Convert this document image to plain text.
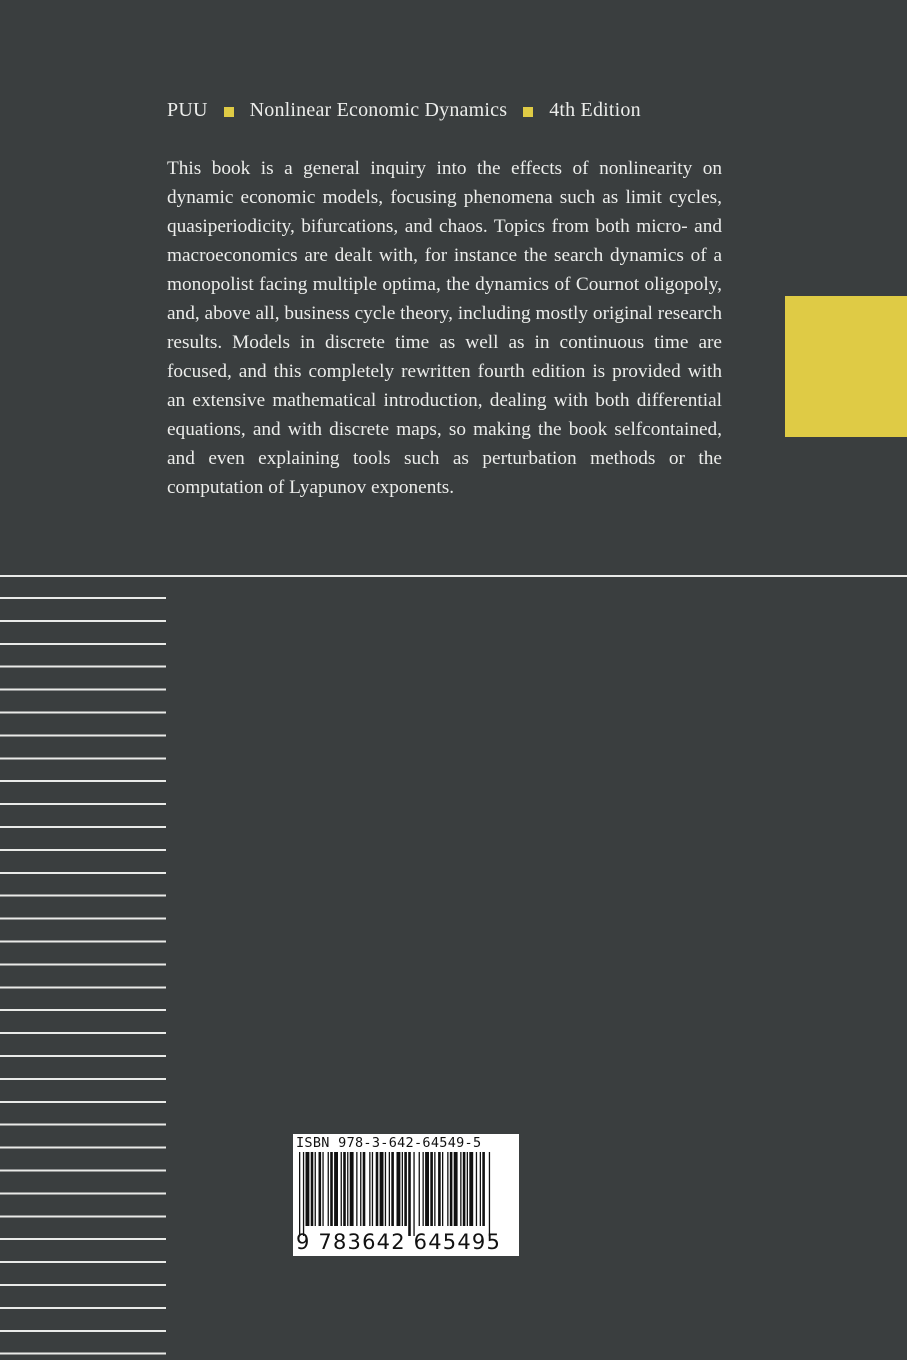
PUU Nonlinear Economic Dynamics 4th Edition
This book is a general inquiry into the effects of nonlinearity on dynamic economic models, focusing phenomena such as limit cycles, quasiperiodicity, bifurcations, and chaos. Topics from both micro- and macroeconomics are dealt with, for instance the search dynamics of a monopolist facing multiple optima, the dynamics of Cournot oligopoly, and, above all, business cycle theory, including mostly original research results. Models in discrete time as well as in continuous time are focused, and this completely rewritten fourth edition is provided with an extensive mathematical introduction, dealing with both differential equations, and with discrete maps, so making the book selfcontained, and even explaining tools such as perturbation methods or the computation of Lyapunov exponents.
ISBN 978-3-642-64549-5
9 783642 645495
